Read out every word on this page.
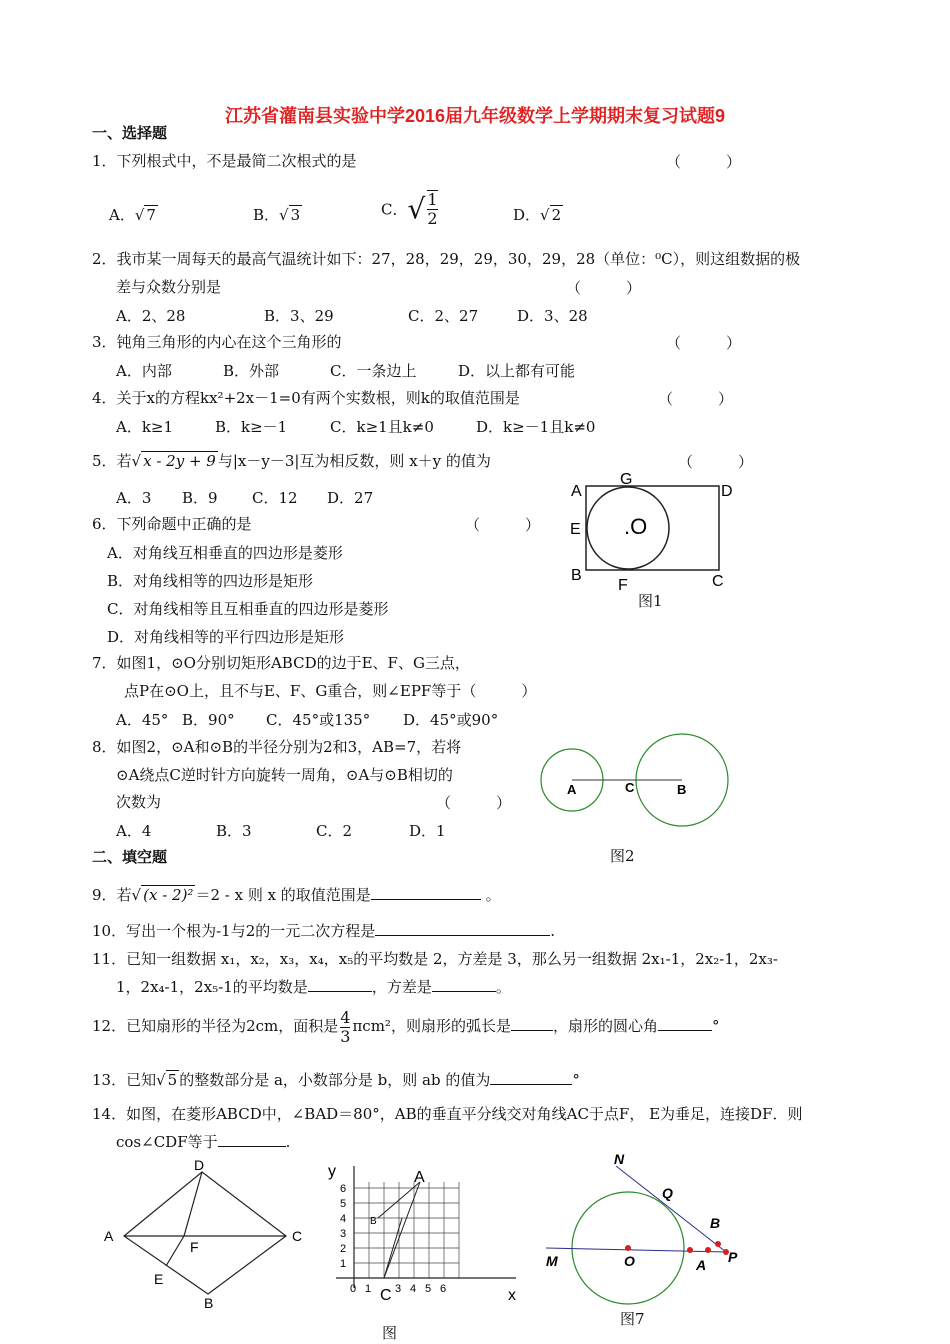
江苏省灌南县实验中学2016届九年级数学上学期期末复习试题9
一、选择题
1．下列根式中，不是最简二次根式的是	（　　　）
A．√ 7	B．√ 3	C．√ $\frac{1}{2}$	D．√ 2
2．我市某一周每天的最高气温统计如下：27，28，29，29，30，29，28（单位：⁰C），则这组数据的极
差与众数分别是	（　　　）
A．2、28	B．3、29	C．2、27	D．3、28
3．钝角三角形的内心在这个三角形的	（　　　）
A．内部	B．外部	C．一条边上	D．以上都有可能
4．关于x的方程kx²+2x－1=0有两个实数根，则k的取值范围是	（　　　）
A．k≥1	B．k≥－1	C．k≥1且k≠0	D．k≥－1且k≠0
5．若√ x - 2y + 9 与|x－y－3|互为相反数，则 x＋y 的值为	（　　　）
A．3 B．9 C．12 D．27
6．下列命题中正确的是	（　　　）
A．对角线互相垂直的四边形是菱形
B．对角线相等的四边形是矩形
C．对角线相等且互相垂直的四边形是菱形
D．对角线相等的平行四边形是矩形
A
G
D
E .O
B
F	C
图1
7．如图1，⊙O分别切矩形ABCD的边于E、F、G三点，
点P在⊙O上，且不与E、F、G重合，则∠EPF等于（　　　）
A．45° B．90° C．45°或135° D．45°或90°
8．如图2，⊙A和⊙B的半径分别为2和3，AB=7，若将
⊙A绕点C逆时针方向旋转一周角，⊙A与⊙B相切的
次数为	（　　　）
A．4	B．3	C．2	D．1
A	C	B
图2
二、填空题
9．若√ (x - 2)² ＝2 - x 则 x 的取值范围是	。
10．写出一个根为-1与2的一元二次方程是	.
11．已知一组数据 x₁，x₂，x₃，x₄，x₅的平均数是 2，方差是 3，那么另一组数据 2x₁-1，2x₂-1，2x₃-
1，2x₄-1，2x₅-1的平均数是	，方差是	。
12．已知扇形的半径为2cm，面积是 $\frac{4}{3} \pi cm^2$，则扇形的弧长是	，扇形的圆心角	°
13．已知√ 5 的整数部分是 a，小数部分是 b，则 ab 的值为	°
14．如图，在菱形ABCD中，∠BAD＝80°，AB的垂直平分线交对角线AC于点F， E为垂足，连接DF．则
cos∠CDF等于	.
D
A	C
F
E
B
y	A
x
C
B
6
5
4
3
2
1
0 1 3 4 5 6
图
N
Q
B
M	O	A P
图7
